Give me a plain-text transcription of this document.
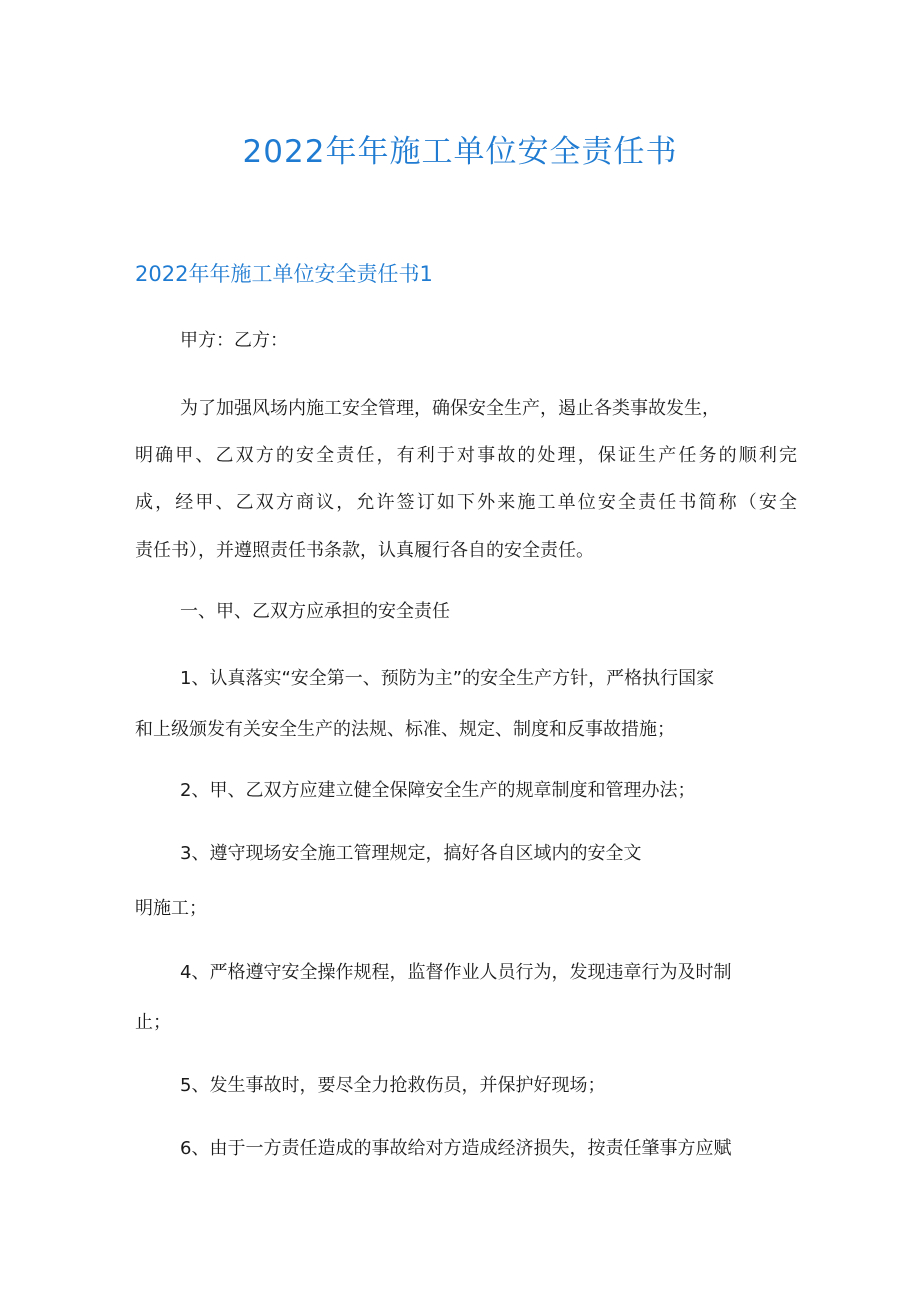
2022年年施工单位安全责任书
2022年年施工单位安全责任书1
甲方：乙方：
为了加强风场内施工安全管理，确保安全生产，遏止各类事故发生，
明确甲、乙双方的安全责任，有利于对事故的处理，保证生产任务的顺利完
成，经甲、乙双方商议，允许签订如下外来施工单位安全责任书简称（安全
责任书），并遵照责任书条款，认真履行各自的安全责任。
一、甲、乙双方应承担的安全责任
1、认真落实“安全第一、预防为主”的安全生产方针，严格执行国家
和上级颁发有关安全生产的法规、标准、规定、制度和反事故措施；
2、甲、乙双方应建立健全保障安全生产的规章制度和管理办法；
3、遵守现场安全施工管理规定，搞好各自区域内的安全文
明施工；
4、严格遵守安全操作规程，监督作业人员行为，发现违章行为及时制
止；
5、发生事故时，要尽全力抢救伤员，并保护好现场；
6、由于一方责任造成的事故给对方造成经济损失，按责任肇事方应赋
